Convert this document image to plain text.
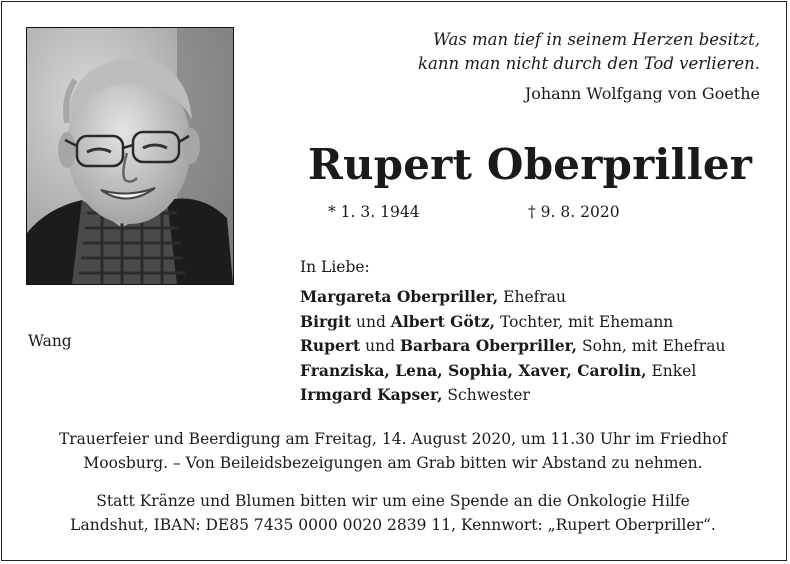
Was man tief in seinem Herzen besitzt,
kann man nicht durch den Tod verlieren.
Johann Wolfgang von Goethe
Rupert Oberpriller
* 1. 3. 1944	† 9. 8. 2020
In Liebe:
Wang
Margareta Oberpriller, Ehefrau
Birgit und Albert Götz, Tochter, mit Ehemann
Rupert und Barbara Oberpriller, Sohn, mit Ehefrau
Franziska, Lena, Sophia, Xaver, Carolin, Enkel
Irmgard Kapser, Schwester
Trauerfeier und Beerdigung am Freitag, 14. August 2020, um 11.30 Uhr im Friedhof
Moosburg. – Von Beileidsbezeigungen am Grab bitten wir Abstand zu nehmen.
Statt Kränze und Blumen bitten wir um eine Spende an die Onkologie Hilfe
Landshut, IBAN: DE85 7435 0000 0020 2839 11, Kennwort: „Rupert Oberpriller“.
